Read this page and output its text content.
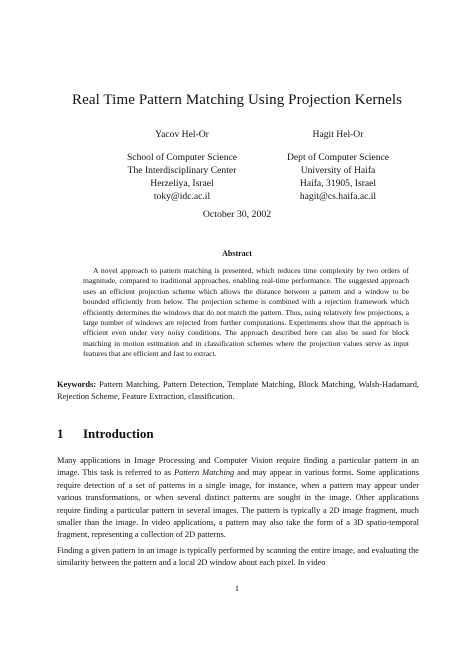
Real Time Pattern Matching Using Projection Kernels
Yacov Hel-Or
School of Computer Science
The Interdisciplinary Center
Herzeliya, Israel
toky@idc.ac.il
Hagit Hel-Or
Dept of Computer Science
University of Haifa
Haifa, 31905, Israel
hagit@cs.haifa.ac.il
October 30, 2002
Abstract
A novel approach to pattern matching is presented, which reduces time complexity by two orders of magnitude, compared to traditional approaches, enabling real-time performance. The suggested approach uses an efficient projection scheme which allows the distance between a pattern and a window to be bounded efficiently from below. The projection scheme is combined with a rejection framework which efficiently determines the windows that do not match the pattern. Thus, using relatively few projections, a large number of windows are rejected from further computations. Experiments show that the approach is efficient even under very noisy conditions. The approach described here can also be used for block matching in motion estimation and in classification schemes where the projection values serve as input features that are efficient and fast to extract.
Keywords: Pattern Matching, Pattern Detection, Template Matching, Block Matching, Walsh-Hadamard, Rejection Scheme, Feature Extraction, classification.
1 Introduction
Many applications in Image Processing and Computer Vision require finding a particular pattern in an image. This task is referred to as Pattern Matching and may appear in various forms. Some applications require detection of a set of patterns in a single image, for instance, when a pattern may appear under various transformations, or when several distinct patterns are sought in the image. Other applications require finding a particular pattern in several images. The pattern is typically a 2D image fragment, much smaller than the image. In video applications, a pattern may also take the form of a 3D spatio-temporal fragment, representing a collection of 2D patterns.
Finding a given pattern in an image is typically performed by scanning the entire image, and evaluating the similarity between the pattern and a local 2D window about each pixel. In video
1
